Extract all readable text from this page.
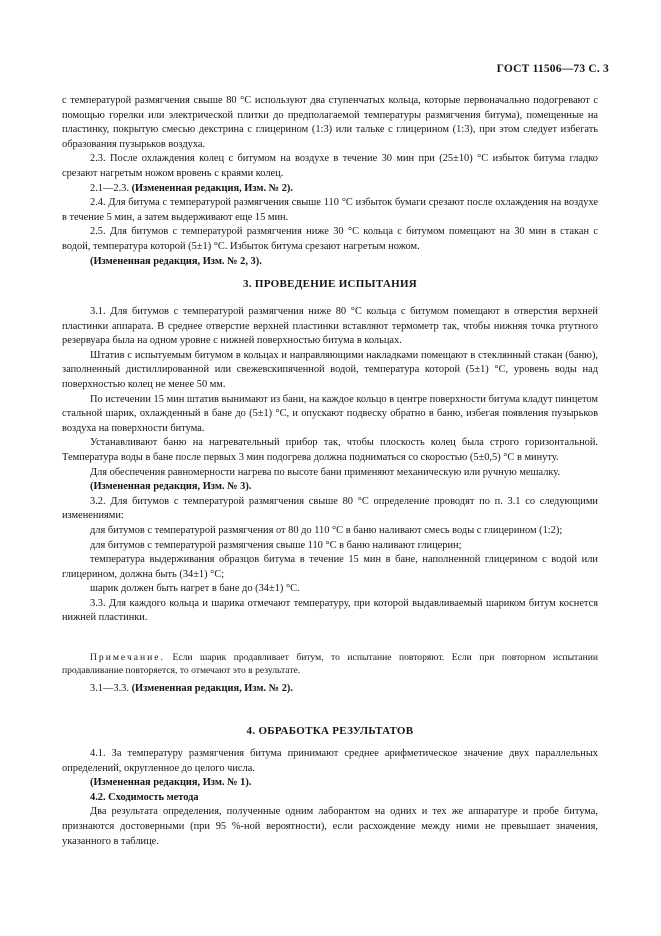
ГОСТ 11506—73 С. 3

с температурой размягчения свыше 80 °С используют два ступенчатых кольца, которые первоначально подогревают с помощью горелки или электрической плитки до предполагаемой температуры размягчения битума), помещенные на пластинку, покрытую смесью декстрина с глицерином (1:3) или тальке с глицерином (1:3), при этом следует избегать образования пузырьков воздуха.

2.3. После охлаждения колец с битумом на воздухе в течение 30 мин при (25±10) °С избыток битума гладко срезают нагретым ножом вровень с краями колец.

2.1—2.3. (Измененная редакция, Изм. № 2).

2.4. Для битума с температурой размягчения свыше 110 °С избыток бумаги срезают после охлаждения на воздухе в течение 5 мин, а затем выдерживают еще 15 мин.

2.5. Для битумов с температурой размягчения ниже 30 °С кольца с битумом помещают на 30 мин в стакан с водой, температура которой (5±1) °С. Избыток битума срезают нагретым ножом.

(Измененная редакция, Изм. № 2, 3).

3. ПРОВЕДЕНИЕ ИСПЫТАНИЯ

3.1. Для битумов с температурой размягчения ниже 80 °С кольца с битумом помещают в отверстия верхней пластинки аппарата. В среднее отверстие верхней пластинки вставляют термометр так, чтобы нижняя точка ртутного резервуара была на одном уровне с нижней поверхностью битума в кольцах.

Штатив с испытуемым битумом в кольцах и направляющими накладками помещают в стеклянный стакан (баню), заполненный дистиллированной или свежевскипяченной водой, температура которой (5±1) °С, уровень воды над поверхностью колец не менее 50 мм.

По истечении 15 мин штатив вынимают из бани, на каждое кольцо в центре поверхности битума кладут пинцетом стальной шарик, охлажденный в бане до (5±1) °С, и опускают подвеску обратно в баню, избегая появления пузырьков воздуха на поверхности битума.

Устанавливают баню на нагревательный прибор так, чтобы плоскость колец была строго горизонтальной. Температура воды в бане после первых 3 мин подогрева должна подниматься со скоростью (5±0,5) °С в минуту.

Для обеспечения равномерности нагрева по высоте бани применяют механическую или ручную мешалку.

(Измененная редакция, Изм. № 3).

3.2. Для битумов с температурой размягчения свыше 80 °С определение проводят по п. 3.1 со следующими изменениями:

для битумов с температурой размягчения от 80 до 110 °С в баню наливают смесь воды с глицерином (1:2);

для битумов с температурой размягчения свыше 110 °С в баню наливают глицерин;

температура выдерживания образцов битума в течение 15 мин в бане, наполненной глицерином с водой или глицерином, должна быть (34±1) °С;

шарик должен быть нагрет в бане до (34±1) °С.

3.3. Для каждого кольца и шарика отмечают температуру, при которой выдавливаемый шариком битум коснется нижней пластинки.

Примечание. Если шарик продавливает битум, то испытание повторяют. Если при повторном испытании продавливание повторяется, то отмечают это в результате.

3.1—3.3. (Измененная редакция, Изм. № 2).

4. ОБРАБОТКА РЕЗУЛЬТАТОВ

4.1. За температуру размягчения битума принимают среднее арифметическое значение двух параллельных определений, округленное до целого числа.

(Измененная редакция, Изм. № 1).

4.2. Сходимость метода

Два результата определения, полученные одним лаборантом на одних и тех же аппаратуре и пробе битума, признаются достоверными (при 95 %-ной вероятности), если расхождение между ними не превышает значения, указанного в таблице.
